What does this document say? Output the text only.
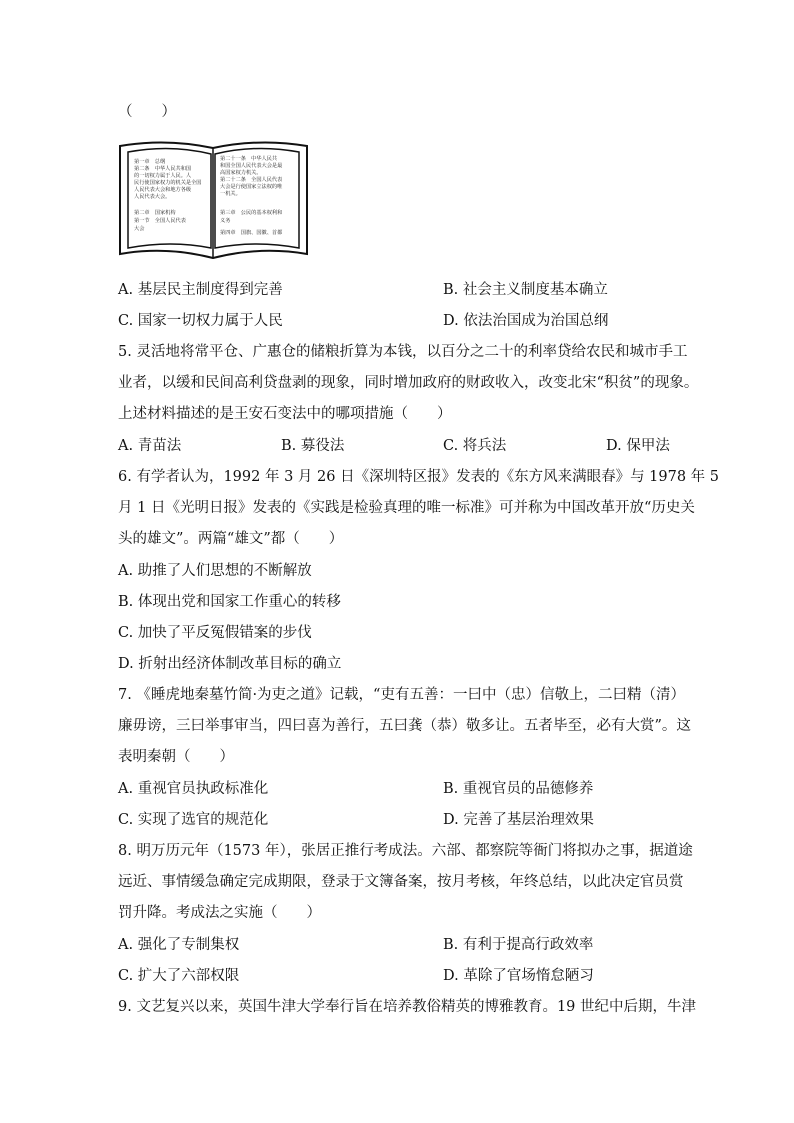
（　　）
第一章　总纲
第二条　中华人民共和国
的一切权力属于人民。人
民行使国家权力的机关是全国
人民代表大会和地方各级
人民代表大会。
第二章　国家机构
第一节　全国人民代表
大会
第二十一条　中华人民共
和国全国人民代表大会是最
高国家权力机关。
第二十二条　全国人民代表
大会是行使国家立法权的唯
一机关。
第三章　公民的基本权利和
义务
第四章　国旗、国徽、首都
A. 基层民主制度得到完善	B. 社会主义制度基本确立
C. 国家一切权力属于人民	D. 依法治国成为治国总纲
5. 灵活地将常平仓、广惠仓的储粮折算为本钱，以百分之二十的利率贷给农民和城市手工
业者，以缓和民间高利贷盘剥的现象，同时增加政府的财政收入，改变北宋“积贫”的现象。
上述材料描述的是王安石变法中的哪项措施（　　）
A. 青苗法	B. 募役法	C. 将兵法	D. 保甲法
6. 有学者认为，1992 年 3 月 26 日《深圳特区报》发表的《东方风来满眼春》与 1978 年 5
月 1 日《光明日报》发表的《实践是检验真理的唯一标准》可并称为中国改革开放“历史关
头的雄文”。两篇“雄文”都（　　）
A. 助推了人们思想的不断解放
B. 体现出党和国家工作重心的转移
C. 加快了平反冤假错案的步伐
D. 折射出经济体制改革目标的确立
7. 《睡虎地秦墓竹简·为吏之道》记载，“吏有五善：一曰中（忠）信敬上，二曰精（清）
廉毋谤，三曰举事审当，四曰喜为善行，五曰龚（恭）敬多让。五者毕至，必有大赏”。这
表明秦朝（　　）
A. 重视官员执政标准化	B. 重视官员的品德修养
C. 实现了选官的规范化	D. 完善了基层治理效果
8. 明万历元年（1573 年），张居正推行考成法。六部、都察院等衙门将拟办之事，据道途
远近、事情缓急确定完成期限，登录于文簿备案，按月考核，年终总结，以此决定官员赏
罚升降。考成法之实施（　　）
A. 强化了专制集权	B. 有利于提高行政效率
C. 扩大了六部权限	D. 革除了官场惰怠陋习
9. 文艺复兴以来，英国牛津大学奉行旨在培养教俗精英的博雅教育。19 世纪中后期，牛津
